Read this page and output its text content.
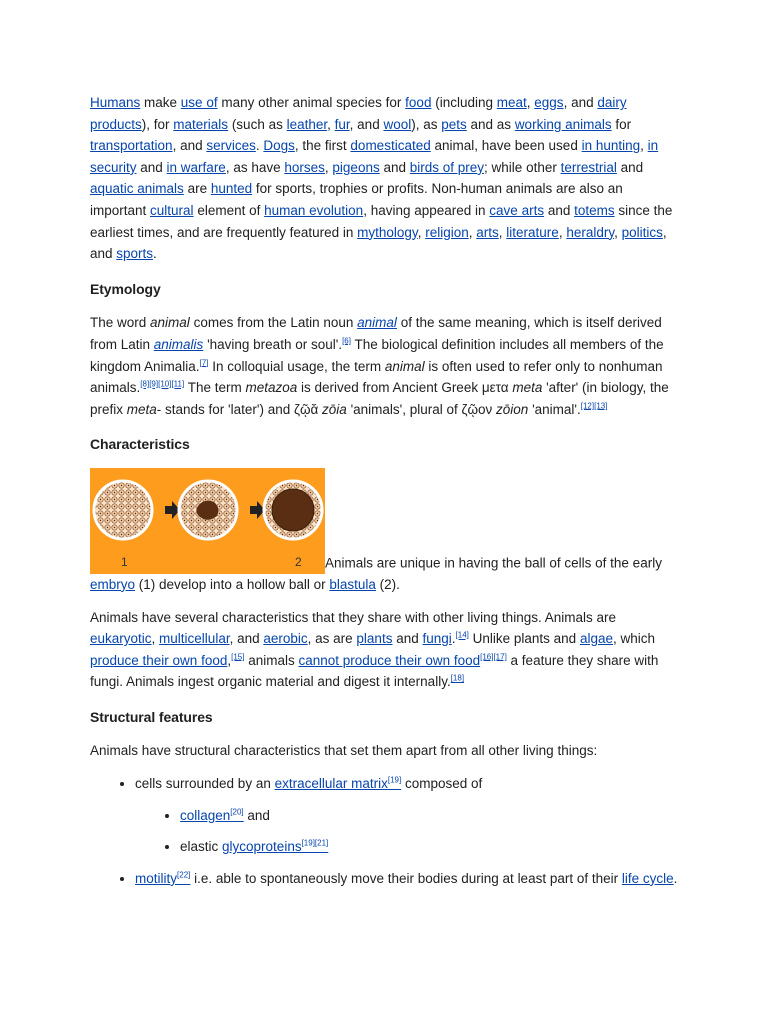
Humans make use of many other animal species for food (including meat, eggs, and dairy products), for materials (such as leather, fur, and wool), as pets and as working animals for transportation, and services. Dogs, the first domesticated animal, have been used in hunting, in security and in warfare, as have horses, pigeons and birds of prey; while other terrestrial and aquatic animals are hunted for sports, trophies or profits. Non-human animals are also an important cultural element of human evolution, having appeared in cave arts and totems since the earliest times, and are frequently featured in mythology, religion, arts, literature, heraldry, politics, and sports.

Etymology

The word animal comes from the Latin noun animal of the same meaning, which is itself derived from Latin animalis 'having breath or soul'.[6] The biological definition includes all members of the kingdom Animalia.[7] In colloquial usage, the term animal is often used to refer only to nonhuman animals.[8][9][10][11] The term metazoa is derived from Ancient Greek μετα meta 'after' (in biology, the prefix meta- stands for 'later') and ζῷᾰ zōia 'animals', plural of ζῷον zōion 'animal'.[12][13]

Characteristics

1	2 Animals are unique in having the ball of cells of the early embryo (1) develop into a hollow ball or blastula (2).

Animals have several characteristics that they share with other living things. Animals are eukaryotic, multicellular, and aerobic, as are plants and fungi.[14] Unlike plants and algae, which produce their own food,[15] animals cannot produce their own food[16][17] a feature they share with fungi. Animals ingest organic material and digest it internally.[18]

Structural features

Animals have structural characteristics that set them apart from all other living things:

• cells surrounded by an extracellular matrix[19] composed of
• collagen[20] and
• elastic glycoproteins[19][21]
• motility[22] i.e. able to spontaneously move their bodies during at least part of their life cycle.
